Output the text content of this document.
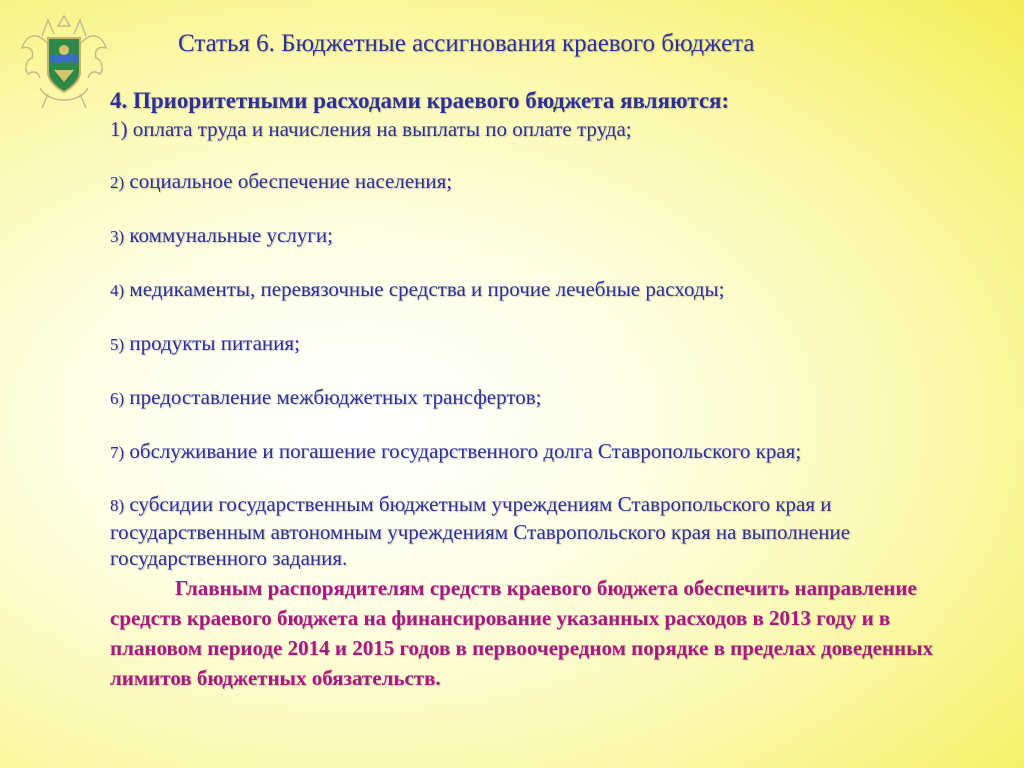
Статья 6. Бюджетные ассигнования краевого бюджета
4. Приоритетными расходами краевого бюджета являются:
1) оплата труда и начисления на выплаты по оплате труда;
2) социальное обеспечение населения;
3) коммунальные услуги;
4) медикаменты, перевязочные средства и прочие лечебные расходы;
5) продукты питания;
6) предоставление межбюджетных трансфертов;
7) обслуживание и погашение государственного долга Ставропольского края;
8) субсидии государственным бюджетным учреждениям Ставропольского края и государственным автономным учреждениям Ставропольского края на выполнение государственного задания.
Главным распорядителям средств краевого бюджета обеспечить направление средств краевого бюджета на финансирование указанных расходов в 2013 году и в плановом периоде 2014 и 2015 годов в первоочередном порядке в пределах доведенных лимитов бюджетных обязательств.
